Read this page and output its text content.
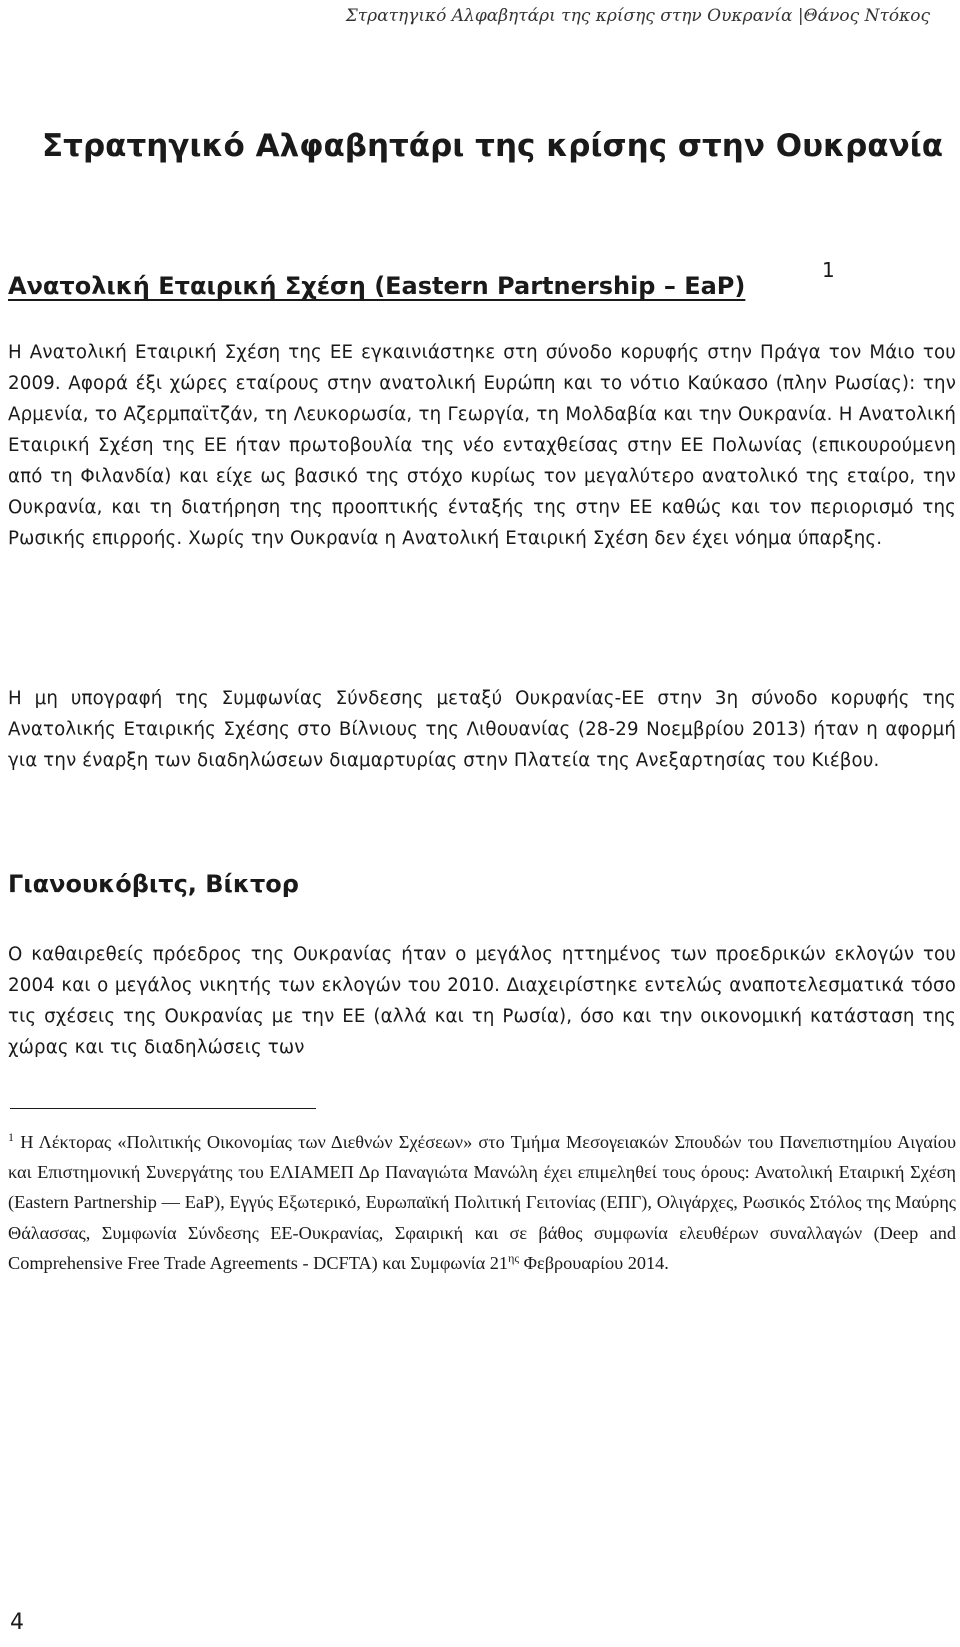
Στρατηγικό Αλφαβητάρι της κρίσης στην Ουκρανία |Θάνος Ντόκος
Στρατηγικό Αλφαβητάρι της κρίσης στην Ουκρανία
Ανατολική Εταιρική Σχέση (Eastern Partnership – EaP)
1

Η Ανατολική Εταιρική Σχέση της ΕΕ εγκαινιάστηκε στη σύνοδο κορυφής στην Πράγα τον Μάιο του 2009. Αφορά έξι χώρες εταίρους στην ανατολική Ευρώπη και το νότιο Καύκασο (πλην Ρωσίας): την Αρμενία, το Αζερμπαϊτζάν, τη Λευκορωσία, τη Γεωργία, τη Μολδαβία και την Ουκρανία. Η Ανατολική Εταιρική Σχέση της ΕΕ ήταν πρωτοβουλία της νέο ενταχθείσας στην ΕΕ Πολωνίας (επικουρούμενη από τη Φιλανδία) και είχε ως βασικό της στόχο κυρίως τον μεγαλύτερο ανατολικό της εταίρο, την Ουκρανία, και τη διατήρηση της προοπτικής ένταξής της στην ΕΕ καθώς και τον περιορισμό της Ρωσικής επιρροής. Χωρίς την Ουκρανία η Ανατολική Εταιρική Σχέση δεν έχει νόημα ύπαρξης.

Η μη υπογραφή της Συμφωνίας Σύνδεσης μεταξύ Ουκρανίας-ΕΕ στην 3η σύνοδο κορυφής της Ανατολικής Εταιρικής Σχέσης στο Βίλνιους της Λιθουανίας (28-29 Νοεμβρίου 2013) ήταν η αφορμή για την έναρξη των διαδηλώσεων διαμαρτυρίας στην Πλατεία της Ανεξαρτησίας του Κιέβου.

Γιανουκόβιτς, Βίκτορ

Ο καθαιρεθείς πρόεδρος της Ουκρανίας ήταν ο μεγάλος ηττημένος των προεδρικών εκλογών του 2004 και ο μεγάλος νικητής των εκλογών του 2010. Διαχειρίστηκε εντελώς αναποτελεσματικά τόσο τις σχέσεις της Ουκρανίας με την ΕΕ (αλλά και τη Ρωσία), όσο και την οικονομική κατάσταση της χώρας και τις διαδηλώσεις των

$^1$ Η Λέκτορας «Πολιτικής Οικονομίας των Διεθνών Σχέσεων» στο Τμήμα Μεσογειακών Σπουδών του Πανεπιστημίου Αιγαίου και Επιστημονική Συνεργάτης του ΕΛΙΑΜΕΠ Δρ Παναγιώτα Μανώλη έχει επιμεληθεί τους όρους: Ανατολική Εταιρική Σχέση (Eastern Partnership ― EaP), Εγγύς Εξωτερικό, Ευρωπαϊκή Πολιτική Γειτονίας (ΕΠΓ), Ολιγάρχες, Ρωσικός Στόλος της Μαύρης Θάλασσας, Συμφωνία Σύνδεσης ΕΕ-Ουκρανίας, Σφαιρική και σε βάθος συμφωνία ελευθέρων συναλλαγών (Deep and Comprehensive Free Trade Agreements - DCFTA) και Συμφωνία $21^{\eta\varsigma}$ Φεβρουαρίου 2014.

4
